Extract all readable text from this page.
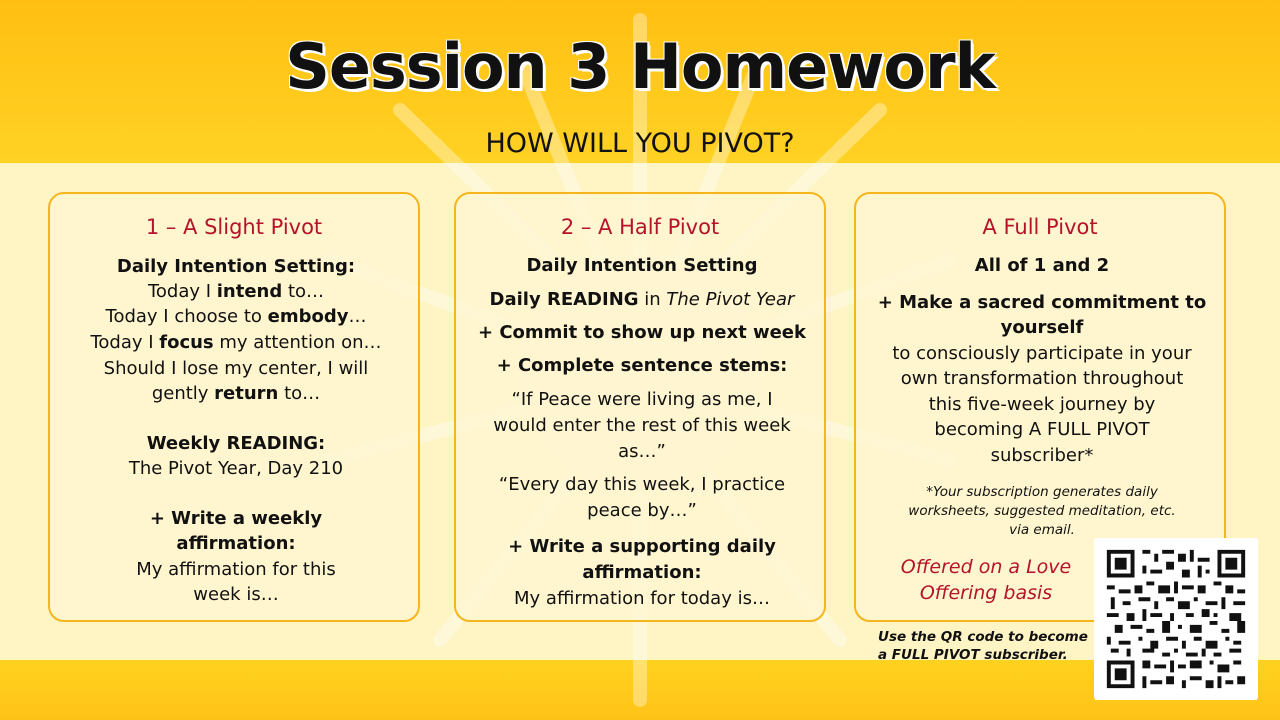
Session 3 Homework
HOW WILL YOU PIVOT?
1 – A Slight Pivot
Daily Intention Setting:
Today I intend to…
Today I choose to embody…
Today I focus my attention on…
Should I lose my center, I will
gently return to…
Weekly READING:
The Pivot Year, Day 210
+ Write a weekly
affirmation:
My affirmation for this
week is…
2 – A Half Pivot
Daily Intention Setting
Daily READING in The Pivot Year
+ Commit to show up next week
+ Complete sentence stems:
“If Peace were living as me, I
would enter the rest of this week
as…”
“Every day this week, I practice
peace by…”
+ Write a supporting daily
affirmation:
My affirmation for today is…
A Full Pivot
All of 1 and 2
+ Make a sacred commitment to
yourself
to consciously participate in your
own transformation throughout
this five-week journey by
becoming A FULL PIVOT
subscriber*
*Your subscription generates daily
worksheets, suggested meditation, etc.
via email.
Offered on a Love
Offering basis
Use the QR code to become
a FULL PIVOT subscriber.
